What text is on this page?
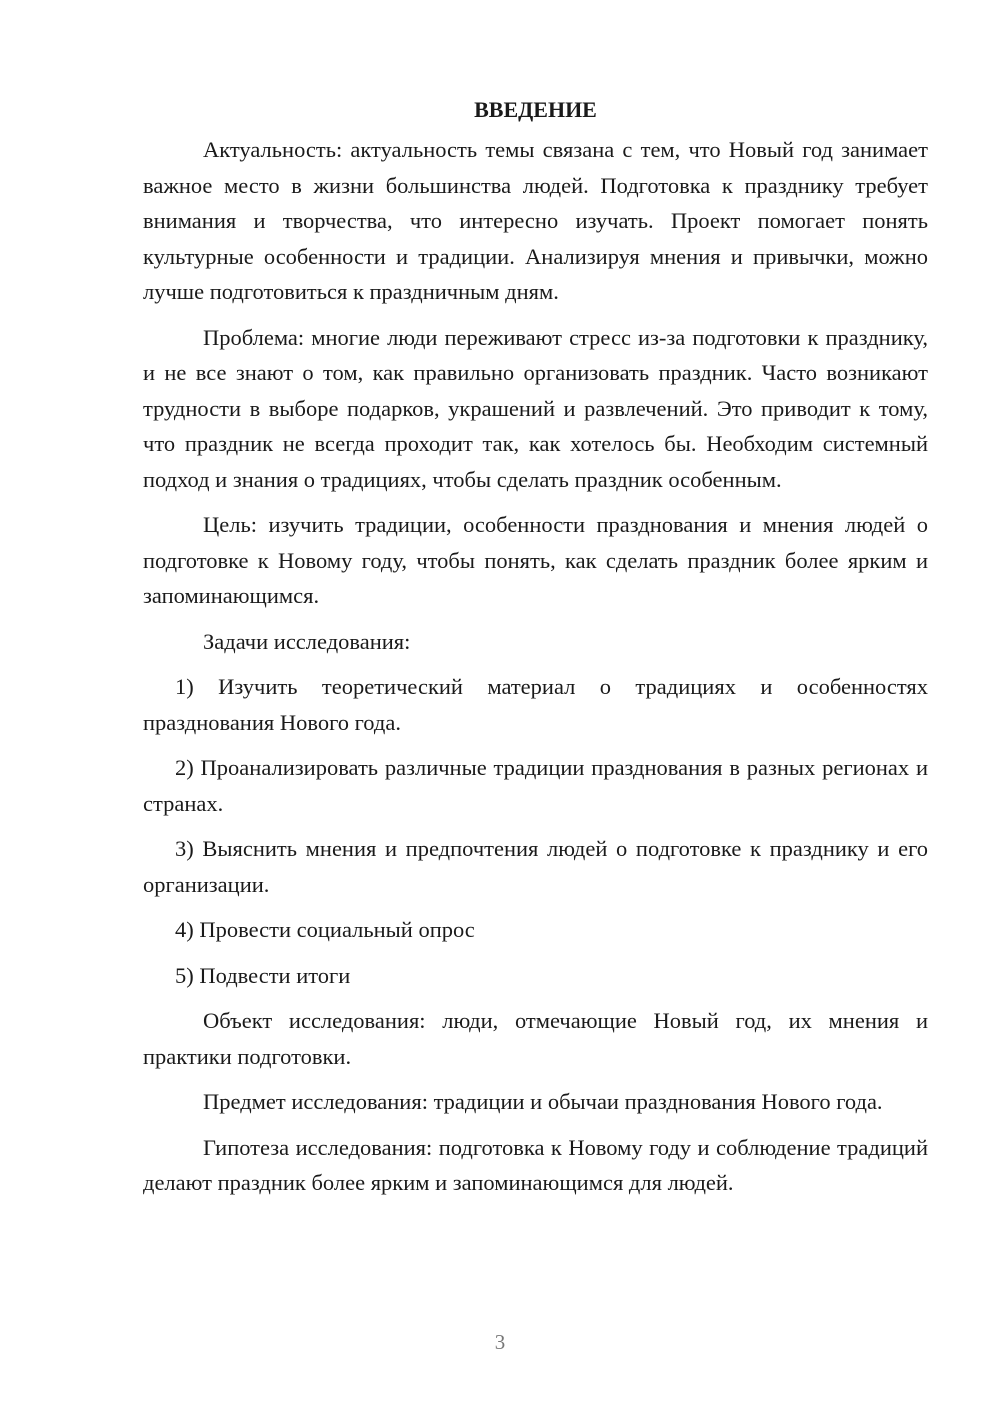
ВВЕДЕНИЕ

Актуальность: актуальность темы связана с тем, что Новый год занимает важное место в жизни большинства людей. Подготовка к празднику требует внимания и творчества, что интересно изучать. Проект помогает понять культурные особенности и традиции. Анализируя мнения и привычки, можно лучше подготовиться к праздничным дням.

Проблема: многие люди переживают стресс из-за подготовки к празднику, и не все знают о том, как правильно организовать праздник. Часто возникают трудности в выборе подарков, украшений и развлечений. Это приводит к тому, что праздник не всегда проходит так, как хотелось бы. Необходим системный подход и знания о традициях, чтобы сделать праздник особенным.

Цель: изучить традиции, особенности празднования и мнения людей о подготовке к Новому году, чтобы понять, как сделать праздник более ярким и запоминающимся.

Задачи исследования:

1) Изучить теоретический материал о традициях и особенностях празднования Нового года.

2) Проанализировать различные традиции празднования в разных регионах и странах.

3) Выяснить мнения и предпочтения людей о подготовке к празднику и его организации.

4) Провести социальный опрос

5) Подвести итоги

Объект исследования: люди, отмечающие Новый год, их мнения и практики подготовки.

Предмет исследования: традиции и обычаи празднования Нового года.

Гипотеза исследования: подготовка к Новому году и соблюдение традиций делают праздник более ярким и запоминающимся для людей.

3
